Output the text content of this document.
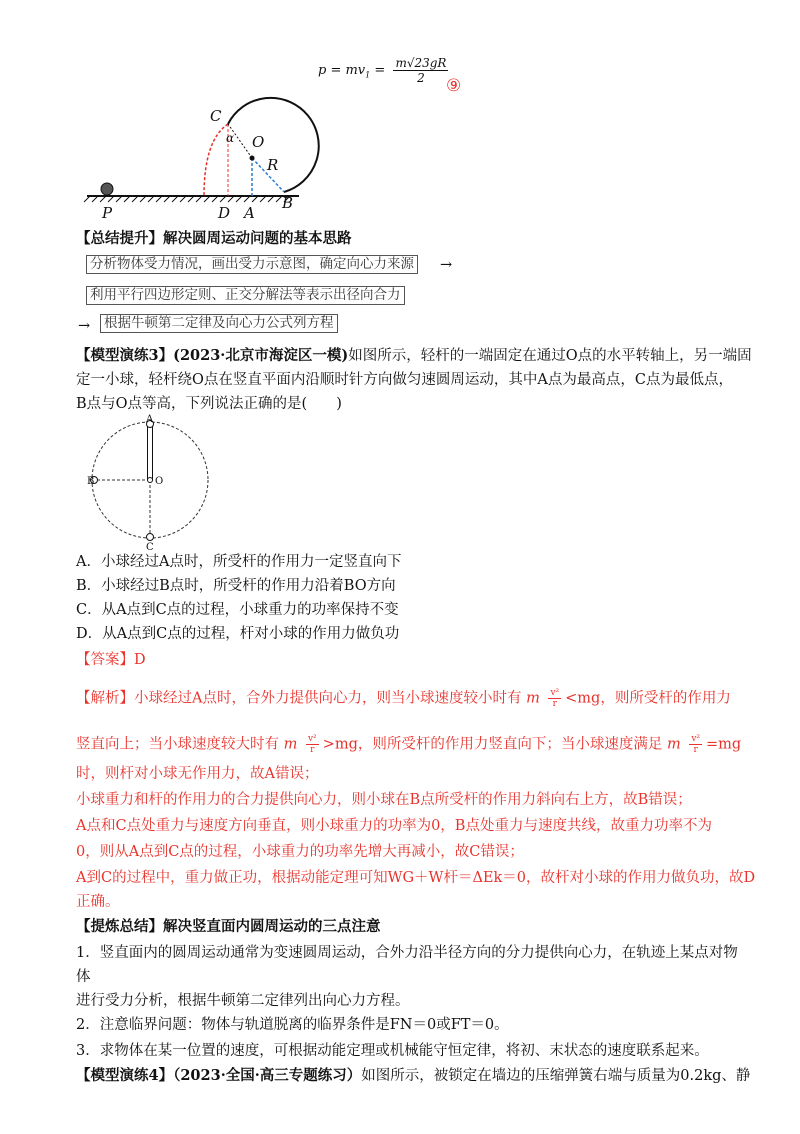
$p = mv_1 = \frac{m√23gR}{2}$
⑨
C
O
α
R
P	D A
B
【总结提升】解决圆周运动问题的基本思路
分析物体受力情况，画出受力示意图，确定向心力来源 →
利用平行四边形定则、正交分解法等表示出径向合力
→ 根据牛顿第二定律及向心力公式列方程
【模型演练3】(2023·北京市海淀区一模)如图所示，轻杆的一端固定在通过O点的水平转轴上，另一端固
定一小球，轻杆绕O点在竖直平面内沿顺时针方向做匀速圆周运动，其中A点为最高点，C点为最低点，
B点与O点等高，下列说法正确的是(　　)
A
B	O
C
A．小球经过A点时，所受杆的作用力一定竖直向下
B．小球经过B点时，所受杆的作用力沿着BO方向
C．从A点到C点的过程，小球重力的功率保持不变
D．从A点到C点的过程，杆对小球的作用力做负功
【答案】D
【解析】小球经过A点时，合外力提供向心力，则当小球速度较小时有 m $\frac{\text{v²}}{r} <mg$，则所受杆的作用力
竖直向上；当小球速度较大时有 m $\frac{\text{v²}}{r} >mg$，则所受杆的作用力竖直向下；当小球速度满足 m $\frac{\text{v²}}{r} =mg$
时，则杆对小球无作用力，故A错误；
小球重力和杆的作用力的合力提供向心力，则小球在B点所受杆的作用力斜向右上方，故B错误；
A点和C点处重力与速度方向垂直，则小球重力的功率为0，B点处重力与速度共线，故重力功率不为
0，则从A点到C点的过程，小球重力的功率先增大再减小，故C错误；
A到C的过程中，重力做正功，根据动能定理可知WG＋W杆＝ΔEk＝0，故杆对小球的作用力做负功，故D
正确。
【提炼总结】解决竖直面内圆周运动的三点注意
1．竖直面内的圆周运动通常为变速圆周运动，合外力沿半径方向的分力提供向心力，在轨迹上某点对物
体
进行受力分析，根据牛顿第二定律列出向心力方程。
2．注意临界问题：物体与轨道脱离的临界条件是FN＝0或FT＝0。
3．求物体在某一位置的速度，可根据动能定理或机械能守恒定律，将初、末状态的速度联系起来。
【模型演练4】（2023·全国·高三专题练习）如图所示，被锁定在墙边的压缩弹簧右端与质量为0.2kg、静
